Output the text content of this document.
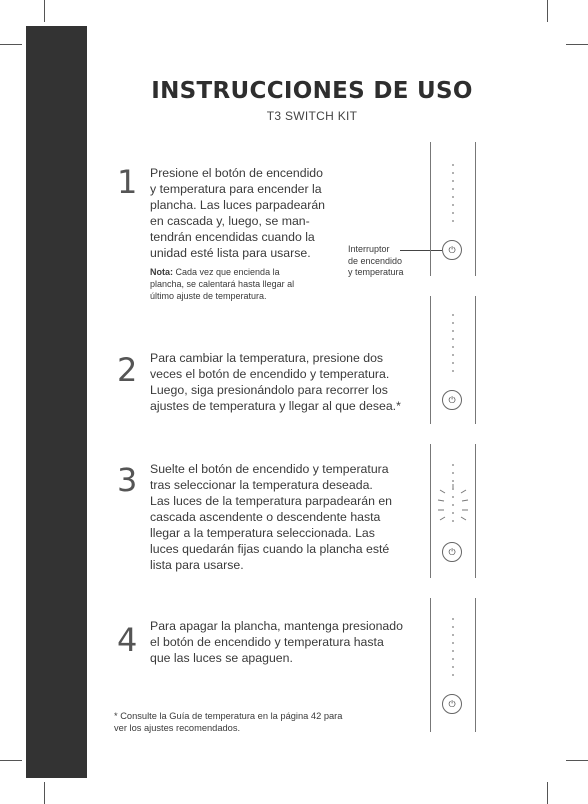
INSTRUCCIONES DE USO
T3 SWITCH KIT
1 Presione el botón de encendido
y temperatura para encender la
plancha. Las luces parpadearán
en cascada y, luego, se man-
tendrán encendidas cuando la
unidad esté lista para usarse.
Nota: Cada vez que encienda la
plancha, se calentará hasta llegar al
último ajuste de temperatura.
Interruptor
de encendido
y temperatura
⏻
2 Para cambiar la temperatura, presione dos
veces el botón de encendido y temperatura.
Luego, siga presionándolo para recorrer los
ajustes de temperatura y llegar al que desea.*	⏻
3 Suelte el botón de encendido y temperatura
tras seleccionar la temperatura deseada.
Las luces de la temperatura parpadearán en
cascada ascendente o descendente hasta
llegar a la temperatura seleccionada. Las
luces quedarán fijas cuando la plancha esté
lista para usarse.
⏻
4 Para apagar la plancha, mantenga presionado
el botón de encendido y temperatura hasta
que las luces se apaguen.
⏻
* Consulte la Guía de temperatura en la página 42 para
ver los ajustes recomendados.
